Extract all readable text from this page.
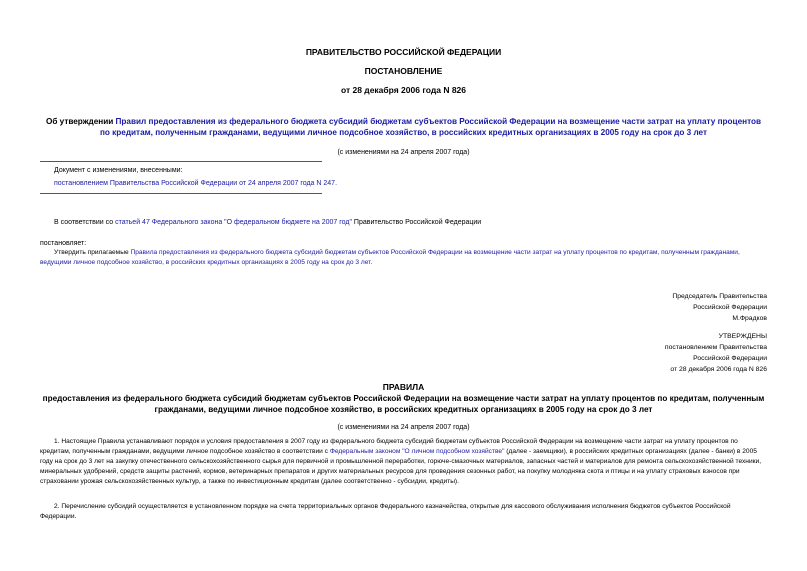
ПРАВИТЕЛЬСТВО РОССИЙСКОЙ ФЕДЕРАЦИИ
ПОСТАНОВЛЕНИЕ
от 28 декабря 2006 года N 826
Об утверждении Правил предоставления из федерального бюджета субсидий бюджетам субъектов Российской Федерации на возмещение части затрат на уплату процентов по кредитам, полученным гражданами, ведущими личное подсобное хозяйство, в российских кредитных организациях в 2005 году на срок до 3 лет
(с изменениями на 24 апреля 2007 года)
Документ с изменениями, внесенными:
постановлением Правительства Российской Федерации от 24 апреля 2007 года N 247.
В соответствии со статьей 47 Федерального закона "О федеральном бюджете на 2007 год" Правительство Российской Федерации
постановляет:
Утвердить прилагаемые Правила предоставления из федерального бюджета субсидий бюджетам субъектов Российской Федерации на возмещение части затрат на уплату процентов по кредитам, полученным гражданами, ведущими личное подсобное хозяйство, в российских кредитных организациях в 2005 году на срок до 3 лет.
Председатель Правительства
Российской Федерации
М.Фрадков
УТВЕРЖДЕНЫ
постановлением Правительства
Российской Федерации
от 28 декабря 2006 года N 826
ПРАВИЛА
предоставления из федерального бюджета субсидий бюджетам субъектов Российской Федерации на возмещение части затрат на уплату процентов по кредитам, полученным гражданами, ведущими личное подсобное хозяйство, в российских кредитных организациях в 2005 году на срок до 3 лет
(с изменениями на 24 апреля 2007 года)
1. Настоящие Правила устанавливают порядок и условия предоставления в 2007 году из федерального бюджета субсидий бюджетам субъектов Российской Федерации на возмещение части затрат на уплату процентов по кредитам, полученным гражданами, ведущими личное подсобное хозяйство в соответствии с Федеральным законом "О личном подсобном хозяйстве" (далее - заемщики), в российских кредитных организациях (далее - банки) в 2005 году на срок до 3 лет на закупку отечественного сельскохозяйственного сырья для первичной и промышленной переработки, горюче-смазочных материалов, запасных частей и материалов для ремонта сельскохозяйственной техники, минеральных удобрений, средств защиты растений, кормов, ветеринарных препаратов и других материальных ресурсов для проведения сезонных работ, на покупку молодняка скота и птицы и на уплату страховых взносов при страховании урожая сельскохозяйственных культур, а также по инвестиционным кредитам (далее соответственно - субсидии, кредиты).
2. Перечисление субсидий осуществляется в установленном порядке на счета территориальных органов Федерального казначейства, открытые для кассового обслуживания исполнения бюджетов субъектов Российской Федерации.
